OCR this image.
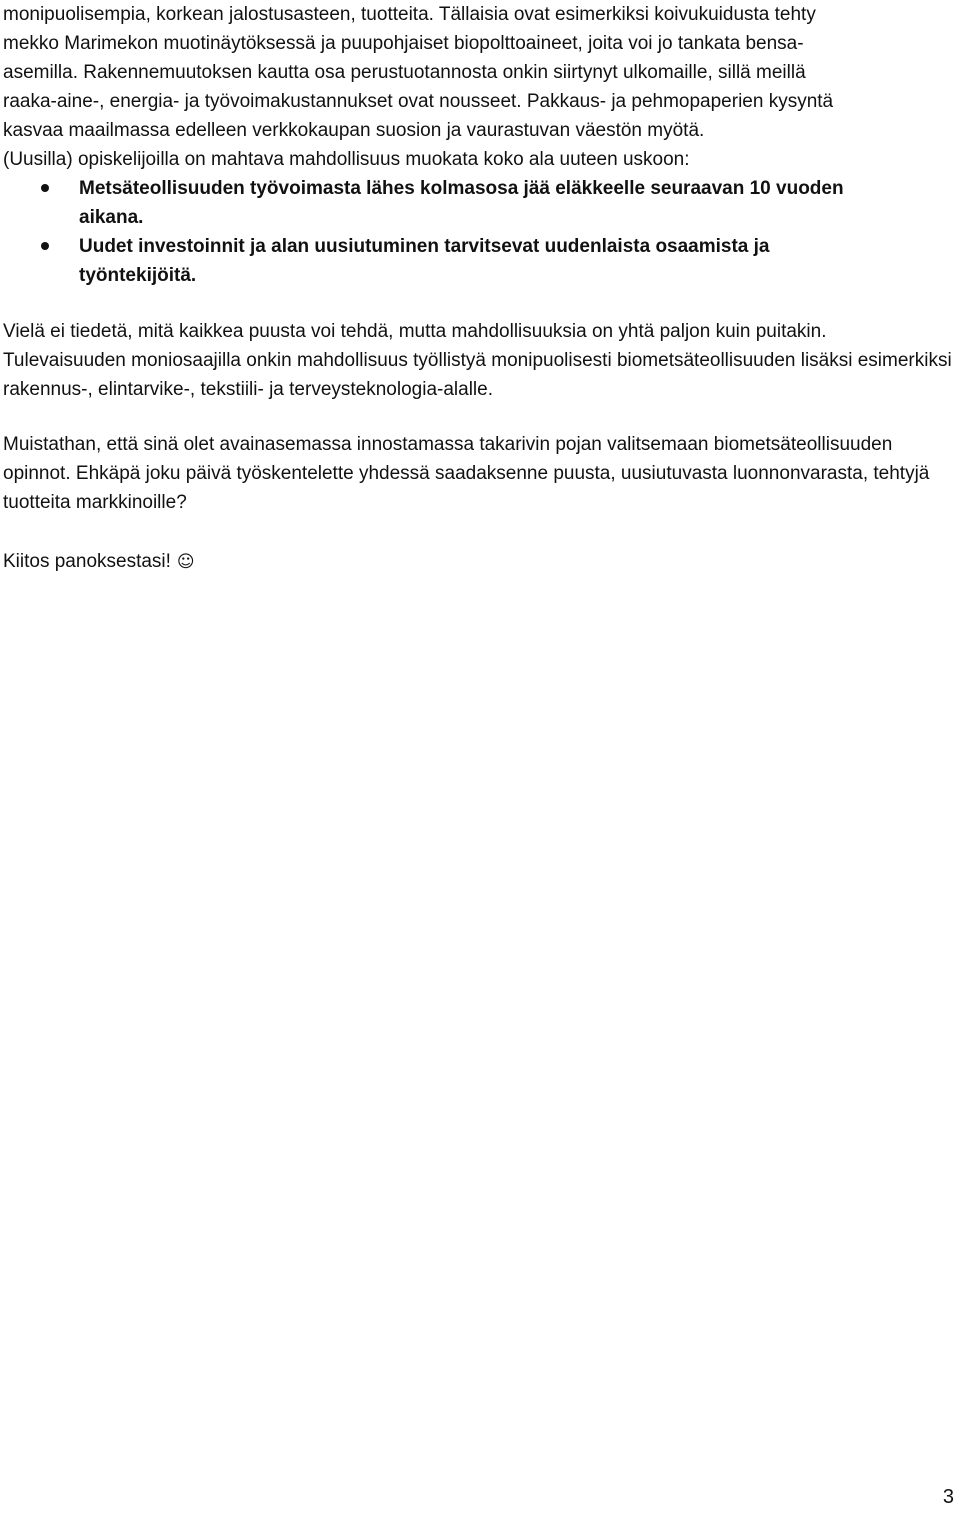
monipuolisempia, korkean jalostusasteen, tuotteita. Tällaisia ovat esimerkiksi koivukuidusta tehty

mekko Marimekon muotinäytöksessä ja puupohjaiset biopolttoaineet, joita voi jo tankata bensa-

asemilla. Rakennemuutoksen kautta osa perustuotannosta onkin siirtynyt ulkomaille, sillä meillä

raaka-aine-, energia- ja työvoimakustannukset ovat nousseet. Pakkaus- ja pehmopaperien kysyntä

kasvaa maailmassa edelleen verkkokaupan suosion ja vaurastuvan väestön myötä.

(Uusilla) opiskelijoilla on mahtava mahdollisuus muokata koko ala uuteen uskoon:

Metsäteollisuuden työvoimasta lähes kolmasosa jää eläkkeelle seuraavan 10 vuoden aikana.
Uudet investoinnit ja alan uusiutuminen tarvitsevat uudenlaista osaamista ja työntekijöitä.

Vielä ei tiedetä, mitä kaikkea puusta voi tehdä, mutta mahdollisuuksia on yhtä paljon kuin puitakin. Tulevaisuuden moniosaajilla onkin mahdollisuus työllistyä monipuolisesti biometsäteollisuuden lisäksi esimerkiksi rakennus-, elintarvike-, tekstiili- ja terveysteknologia-alalle.

Muistathan, että sinä olet avainasemassa innostamassa takarivin pojan valitsemaan biometsäteollisuuden opinnot. Ehkäpä joku päivä työskentelette yhdessä saadaksenne puusta, uusiutuvasta luonnonvarasta, tehtyjä tuotteita markkinoille?

Kiitos panoksestasi! ☺

3
